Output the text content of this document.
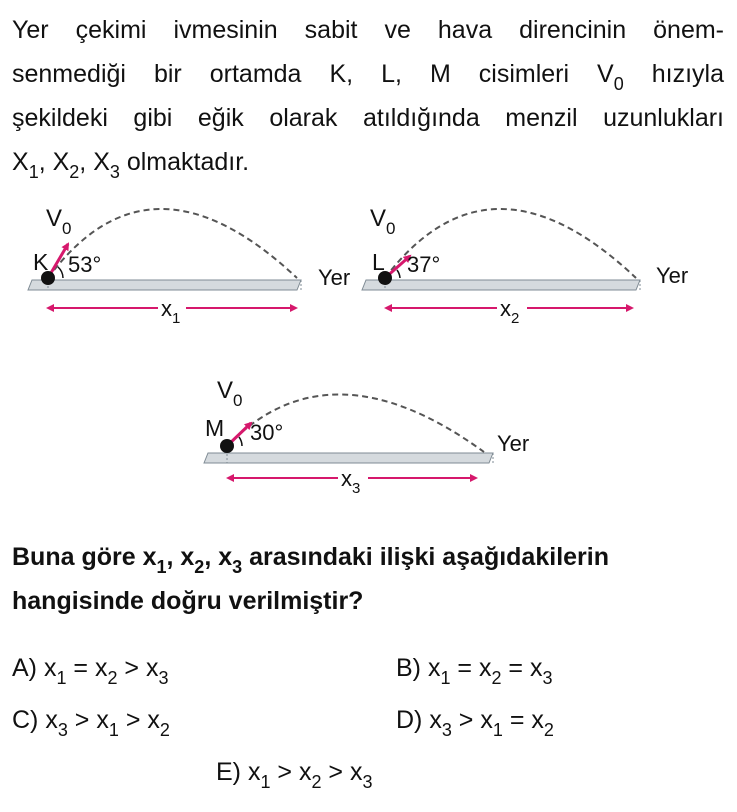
Yer çekimi ivmesinin sabit ve hava direncinin önem-
senmediği bir ortamda K, L, M cisimleri $V_0$ hızıyla
şekildeki gibi eğik olarak atıldığında menzil uzunlukları
$X_1$, $X_2$, $X_3$ olmaktadır.
$V_0$
K 53°
Yer
$x_1$
$V_0$
L 37°	Yer
$x_2$
$V_0$
M 30°	Yer
$x_3$
Buna göre $x_1$, $x_2$, $x_3$ arasındaki ilişki aşağıdakilerin
hangisinde doğru verilmiştir?
A) $x_1 = x_2 > x_3$	B) $x_1 = x_2 = x_3$
C) $x_3 > x_1 > x_2$	D) $x_3 > x_1 = x_2$
E) $x_1 > x_2 > x_3$
